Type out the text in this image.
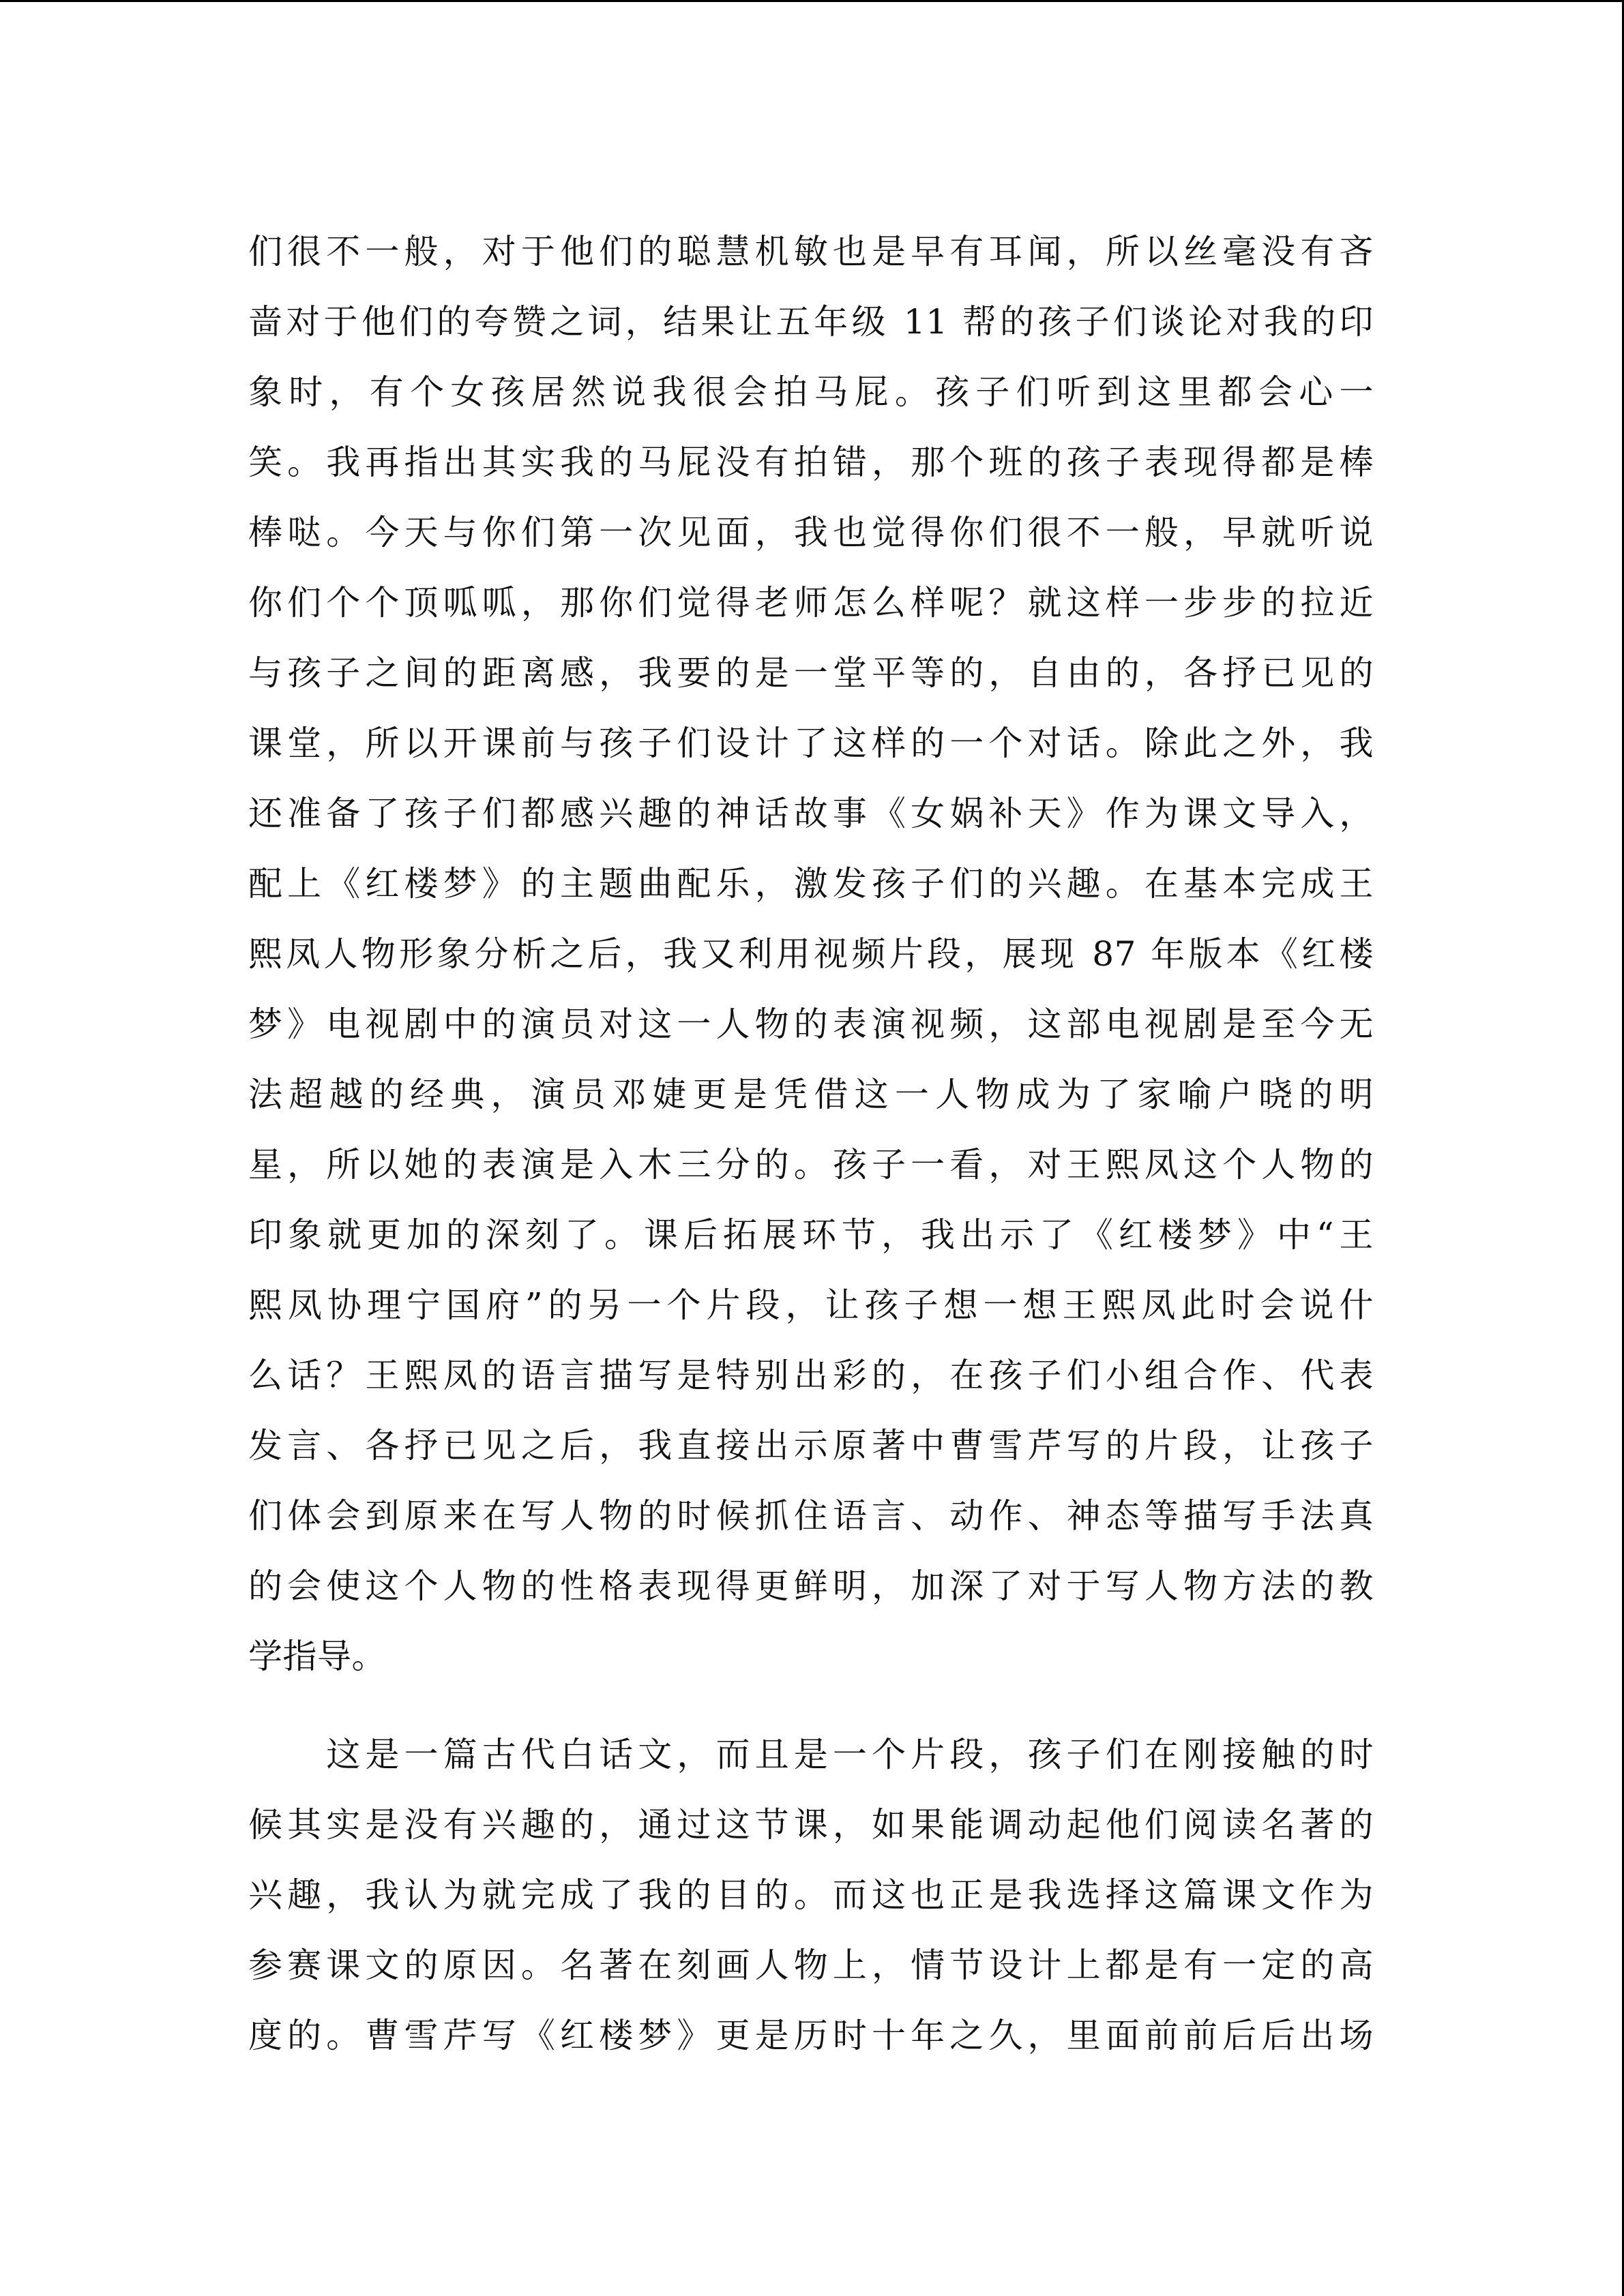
们很不一般，对于他们的聪慧机敏也是早有耳闻，所以丝毫没有吝
啬对于他们的夸赞之词，结果让五年级 11 帮的孩子们谈论对我的印
象时，有个女孩居然说我很会拍马屁。孩子们听到这里都会心一
笑。我再指出其实我的马屁没有拍错，那个班的孩子表现得都是棒
棒哒。今天与你们第一次见面，我也觉得你们很不一般，早就听说
你们个个顶呱呱，那你们觉得老师怎么样呢？就这样一步步的拉近
与孩子之间的距离感，我要的是一堂平等的，自由的，各抒已见的
课堂，所以开课前与孩子们设计了这样的一个对话。除此之外，我
还准备了孩子们都感兴趣的神话故事《女娲补天》作为课文导入，
配上《红楼梦》的主题曲配乐，激发孩子们的兴趣。在基本完成王
熙凤人物形象分析之后，我又利用视频片段，展现 87 年版本《红楼
梦》电视剧中的演员对这一人物的表演视频，这部电视剧是至今无
法超越的经典，演员邓婕更是凭借这一人物成为了家喻户晓的明
星，所以她的表演是入木三分的。孩子一看，对王熙凤这个人物的
印象就更加的深刻了。课后拓展环节，我出示了《红楼梦》中“王
熙凤协理宁国府”的另一个片段，让孩子想一想王熙凤此时会说什
么话？王熙凤的语言描写是特别出彩的，在孩子们小组合作、代表
发言、各抒已见之后，我直接出示原著中曹雪芹写的片段，让孩子
们体会到原来在写人物的时候抓住语言、动作、神态等描写手法真
的会使这个人物的性格表现得更鲜明，加深了对于写人物方法的教
学指导。
　　这是一篇古代白话文，而且是一个片段，孩子们在刚接触的时
候其实是没有兴趣的，通过这节课，如果能调动起他们阅读名著的
兴趣，我认为就完成了我的目的。而这也正是我选择这篇课文作为
参赛课文的原因。名著在刻画人物上，情节设计上都是有一定的高
度的。曹雪芹写《红楼梦》更是历时十年之久，里面前前后后出场
